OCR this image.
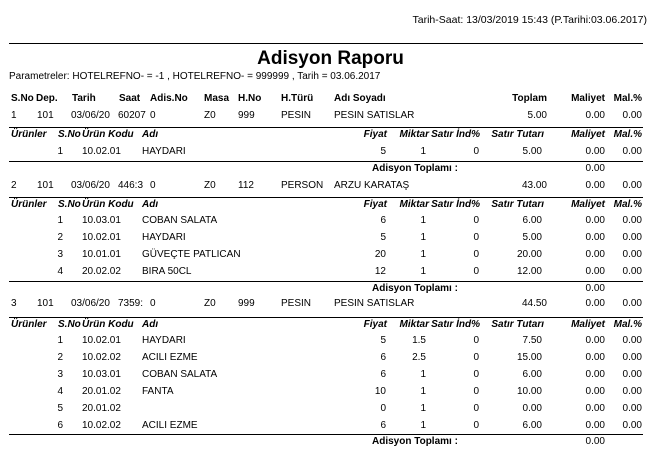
Tarih-Saat: 13/03/2019 15:43 (P.Tarihi:03.06.2017)
Adisyon Raporu
Parametreler: HOTELREFNO- = -1 , HOTELREFNO- = 999999 , Tarih = 03.06.2017
S.No Dep. Tarih Saat Adis.No Masa H.No H.Türü Adı Soyadı	Toplam Maliyet Mal.%
1 101 03/06/20 60207 0	Z0 999	PESIN PESIN SATISLAR	5.00	0.00 0.00
Ürünler S.No Ürün Kodu Adı	Fiyat Miktar Satır İnd% Satır Tutarı	Maliyet Mal.%
1 10.02.01 HAYDARI	5	1	0	5.00	0.00 0.00
Adisyon Toplamı :	0.00
2 101 03/06/20 446:3 0	Z0 112	PERSON ARZU KARATAŞ	43.00	0.00 0.00
Ürünler S.No Ürün Kodu Adı	Fiyat Miktar Satır İnd% Satır Tutarı	Maliyet Mal.%
1 10.03.01 COBAN SALATA	6	1	0	6.00	0.00 0.00
2 10.02.01 HAYDARI	5	1	0	5.00	0.00 0.00
3 10.01.01 GÜVEÇTE PATLICAN	20	1	0	20.00	0.00 0.00
4 20.02.02 BIRA 50CL	12	1	0	12.00	0.00 0.00
Adisyon Toplamı :	0.00
3 101 03/06/20 7359: 0	Z0 999	PESIN PESIN SATISLAR	44.50	0.00 0.00
Ürünler S.No Ürün Kodu Adı	Fiyat Miktar Satır İnd% Satır Tutarı	Maliyet Mal.%
1 10.02.01 HAYDARI	5	1.5	0	7.50	0.00 0.00
2 10.02.02 ACILI EZME	6	2.5	0	15.00	0.00 0.00
3 10.03.01 COBAN SALATA	6	1	0	6.00	0.00 0.00
4 20.01.02 FANTA	10	1	0	10.00	0.00 0.00
5 20.01.02	0	1	0	0.00	0.00 0.00
6 10.02.02 ACILI EZME	6	1	0	6.00	0.00 0.00
Adisyon Toplamı :	0.00
